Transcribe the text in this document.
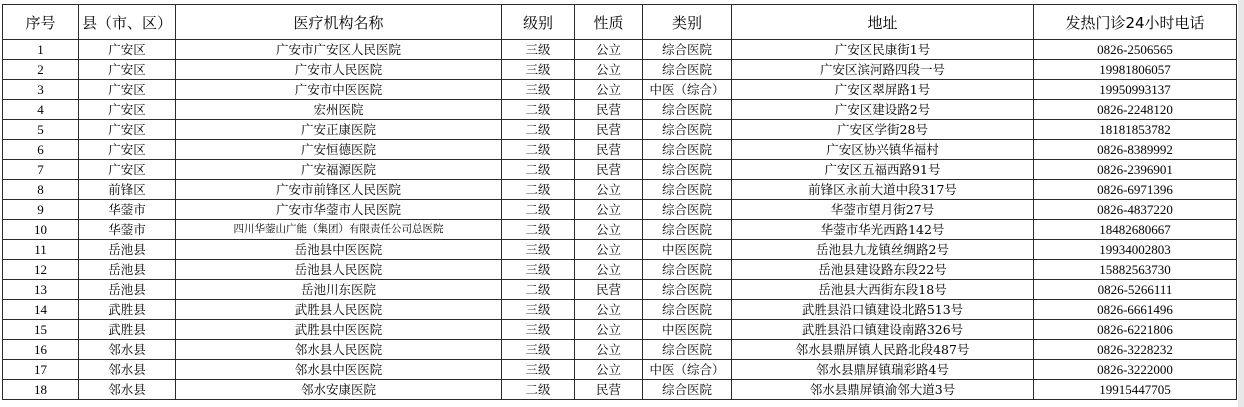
序号	县（市、区）	医疗机构名称	级别	性质	类别	地址	发热门诊24小时电话
1	广安区	广安市广安区人民医院	三级	公立	综合医院	广安区民康街1号	0826-2506565
2	广安区	广安市人民医院	三级	公立	综合医院	广安区滨河路四段一号	19981806057
3	广安区	广安市中医医院	三级	公立	中医（综合）	广安区翠屏路1号	19950993137
4	广安区	宏州医院	二级	民营	综合医院	广安区建设路2号	0826-2248120
5	广安区	广安正康医院	二级	民营	综合医院	广安区学街28号	18181853782
6	广安区	广安恒德医院	二级	民营	综合医院	广安区协兴镇华福村	0826-8389992
7	广安区	广安福源医院	二级	民营	综合医院	广安区五福西路91号	0826-2396901
8	前锋区	广安市前锋区人民医院	二级	公立	综合医院	前锋区永前大道中段317号	0826-6971396
9	华蓥市	广安市华蓥市人民医院	二级	公立	综合医院	华蓥市望月街27号	0826-4837220
10	华蓥市	四川华蓥山广能（集团）有限责任公司总医院	二级	公立	综合医院	华蓥市华光西路142号	18482680667
11	岳池县	岳池县中医医院	三级	公立	中医医院	岳池县九龙镇丝绸路2号	19934002803
12	岳池县	岳池县人民医院	三级	公立	综合医院	岳池县建设路东段22号	15882563730
13	岳池县	岳池川东医院	二级	民营	综合医院	岳池县大西街东段18号	0826-5266111
14	武胜县	武胜县人民医院	三级	公立	综合医院	武胜县沿口镇建设北路513号	0826-6661496
15	武胜县	武胜县中医医院	三级	公立	中医医院	武胜县沿口镇建设南路326号	0826-6221806
16	邻水县	邻水县人民医院	三级	公立	综合医院	邻水县鼎屏镇人民路北段487号	0826-3228232
17	邻水县	邻水县中医医院	三级	公立	中医（综合）	邻水县鼎屏镇瑞彩路4号	0826-3222000
18	邻水县	邻水安康医院	二级	民营	综合医院	邻水县鼎屏镇渝邻大道3号	19915447705
